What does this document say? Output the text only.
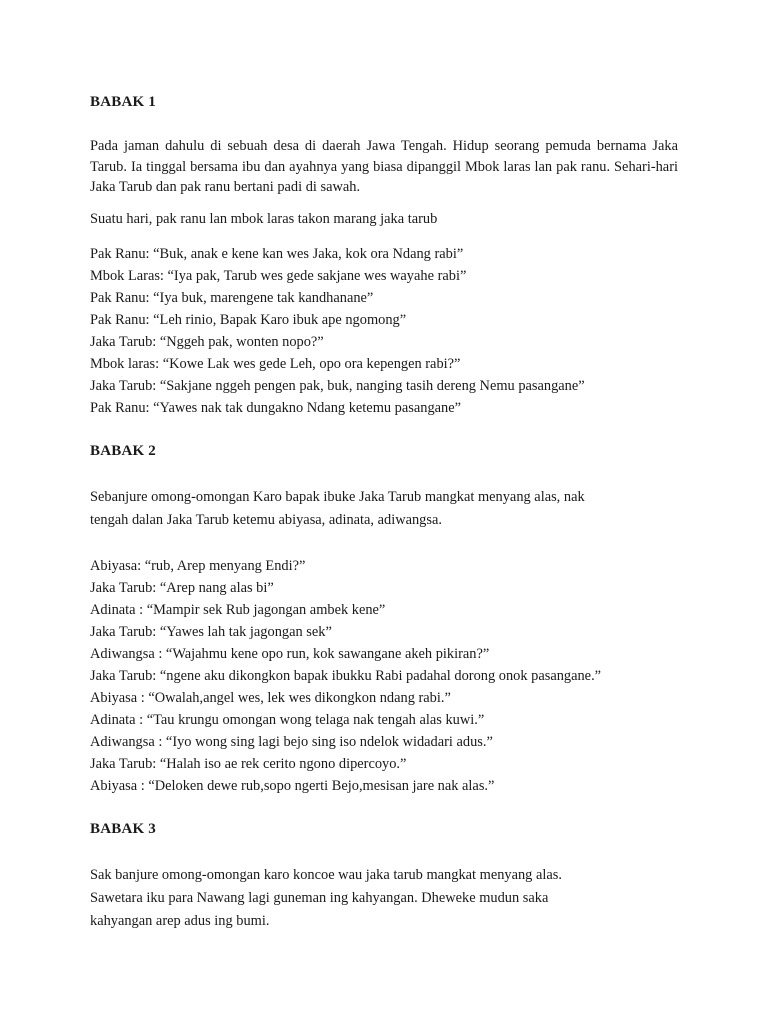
BABAK 1

Pada jaman dahulu di sebuah desa di daerah Jawa Tengah. Hidup seorang pemuda bernama Jaka Tarub. Ia tinggal bersama ibu dan ayahnya yang biasa dipanggil Mbok laras lan pak ranu. Sehari-hari Jaka Tarub dan pak ranu bertani padi di sawah.

Suatu hari, pak ranu lan mbok laras takon marang jaka tarub

Pak Ranu: “Buk, anak e kene kan wes Jaka, kok ora Ndang rabi”
Mbok Laras: “Iya pak, Tarub wes gede sakjane wes wayahe rabi”
Pak Ranu: “Iya buk, marengene tak kandhanane”
Pak Ranu: “Leh rinio, Bapak Karo ibuk ape ngomong”
Jaka Tarub: “Nggeh pak, wonten nopo?”
Mbok laras: “Kowe Lak wes gede Leh, opo ora kepengen rabi?”
Jaka Tarub: “Sakjane nggeh pengen pak, buk, nanging tasih dereng Nemu pasangane”
Pak Ranu: “Yawes nak tak dungakno Ndang ketemu pasangane”
BABAK 2
Sebanjure omong-omongan Karo bapak ibuke Jaka Tarub mangkat menyang alas, nak
tengah dalan Jaka Tarub ketemu abiyasa, adinata, adiwangsa.
Abiyasa: “rub, Arep menyang Endi?”
Jaka Tarub: “Arep nang alas bi”
Adinata : “Mampir sek Rub jagongan ambek kene”
Jaka Tarub: “Yawes lah tak jagongan sek”
Adiwangsa : “Wajahmu kene opo run, kok sawangane akeh pikiran?”
Jaka Tarub: “ngene aku dikongkon bapak ibukku Rabi padahal dorong onok pasangane.”
Abiyasa : “Owalah,angel wes, lek wes dikongkon ndang rabi.”
Adinata : “Tau krungu omongan wong telaga nak tengah alas kuwi.”
Adiwangsa : “Iyo wong sing lagi bejo sing iso ndelok widadari adus.”
Jaka Tarub: “Halah iso ae rek cerito ngono dipercoyo.”
Abiyasa : “Deloken dewe rub,sopo ngerti Bejo,mesisan jare nak alas.”
BABAK 3
Sak banjure omong-omongan karo koncoe wau jaka tarub mangkat menyang alas.
Sawetara iku para Nawang lagi guneman ing kahyangan. Dheweke mudun saka
kahyangan arep adus ing bumi.
